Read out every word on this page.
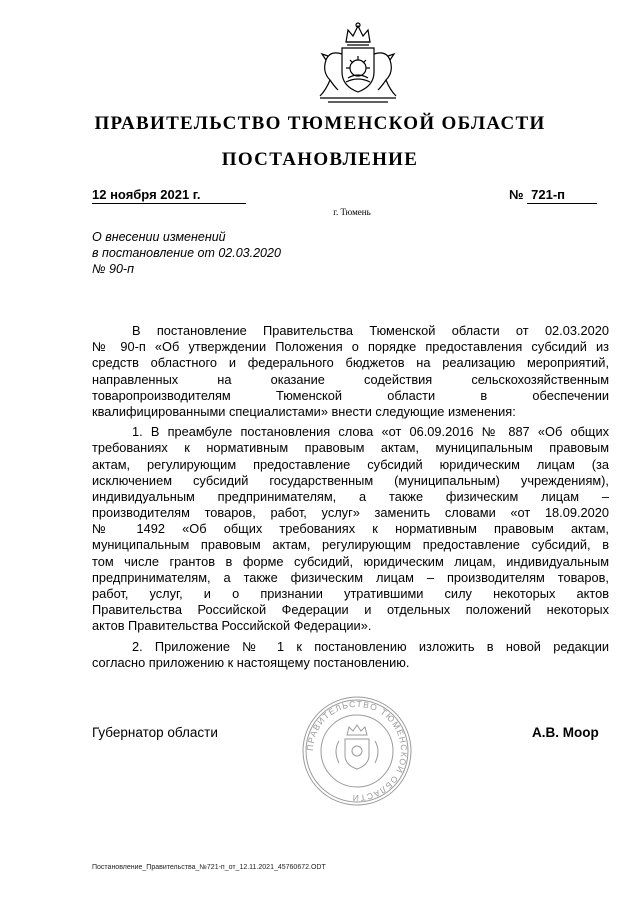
ПРАВИТЕЛЬСТВО ТЮМЕНСКОЙ ОБЛАСТИ
ПОСТАНОВЛЕНИЕ
12 ноября 2021 г.	№ 721-п
г. Тюмень
О внесении изменений
в постановление от 02.03.2020
№ 90-п
В постановление Правительства Тюменской области от 02.03.2020
№ 90-п «Об утверждении Положения о порядке предоставления субсидий из
средств областного и федерального бюджетов на реализацию мероприятий,
направленных на оказание содействия сельскохозяйственным
товаропроизводителям Тюменской области в обеспечении
квалифицированными специалистами» внести следующие изменения:
1. В преамбуле постановления слова «от 06.09.2016 № 887 «Об общих
требованиях к нормативным правовым актам, муниципальным правовым
актам, регулирующим предоставление субсидий юридическим лицам (за
исключением субсидий государственным (муниципальным) учреждениям),
индивидуальным предпринимателям, а также физическим лицам –
производителям товаров, работ, услуг» заменить словами «от 18.09.2020
№ 1492 «Об общих требованиях к нормативным правовым актам,
муниципальным правовым актам, регулирующим предоставление субсидий, в
том числе грантов в форме субсидий, юридическим лицам, индивидуальным
предпринимателям, а также физическим лицам – производителям товаров,
работ, услуг, и о признании утратившими силу некоторых актов
Правительства Российской Федерации и отдельных положений некоторых
актов Правительства Российской Федерации».
2. Приложение № 1 к постановлению изложить в новой редакции
согласно приложению к настоящему постановлению.
ПРАВИТЕЛЬСТВО ТЮМЕНСКОЙ ОБЛАСТИ
Губернатор области	А.В. Моор
Постановление_Правительства_№721-п_от_12.11.2021_45760672.ODT
